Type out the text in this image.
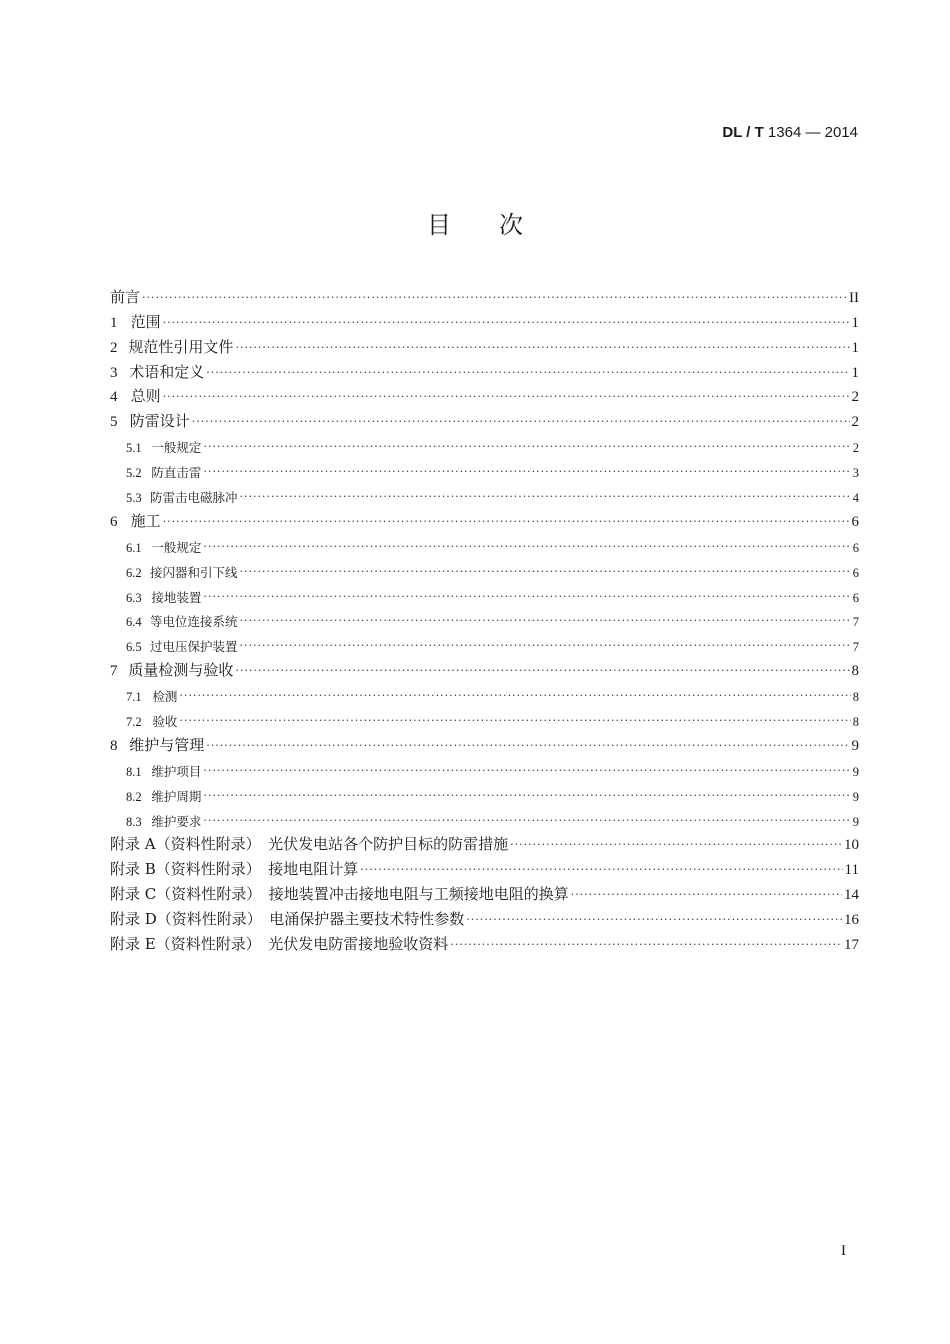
DL / T 1364 — 2014
目次
前言 ·····	II
1 范围 ·····	1
2 规范性引用文件 ·····	1
3 术语和定义 ·····	1
4 总则 ·····	2
5 防雷设计 ·····	2
5.1 一般规定 ·····	2
5.2 防直击雷 ·····	3
5.3 防雷击电磁脉冲 ·····	4
6 施工 ·····	6
6.1 一般规定 ·····	6
6.2 接闪器和引下线 ·····	6
6.3 接地装置 ·····	6
6.4 等电位连接系统 ·····	7
6.5 过电压保护装置 ·····	7
7 质量检测与验收 ·····	8
7.1 检测 ·····	8
7.2 验收 ·····	8
8 维护与管理 ·····	9
8.1 维护项目 ·····	9
8.2 维护周期 ·····	9
8.3 维护要求 ·····	9
附录 A（资料性附录）　光伏发电站各个防护目标的防雷措施 ·····	10
附录 B（资料性附录）　接地电阻计算 ·····	11
附录 C（资料性附录）　接地装置冲击接地电阻与工频接地电阻的换算 ·····	14
附录 D（资料性附录）　电涌保护器主要技术特性参数 ·····	16
附录 E（资料性附录）　光伏发电防雷接地验收资料 ·····	17
I
